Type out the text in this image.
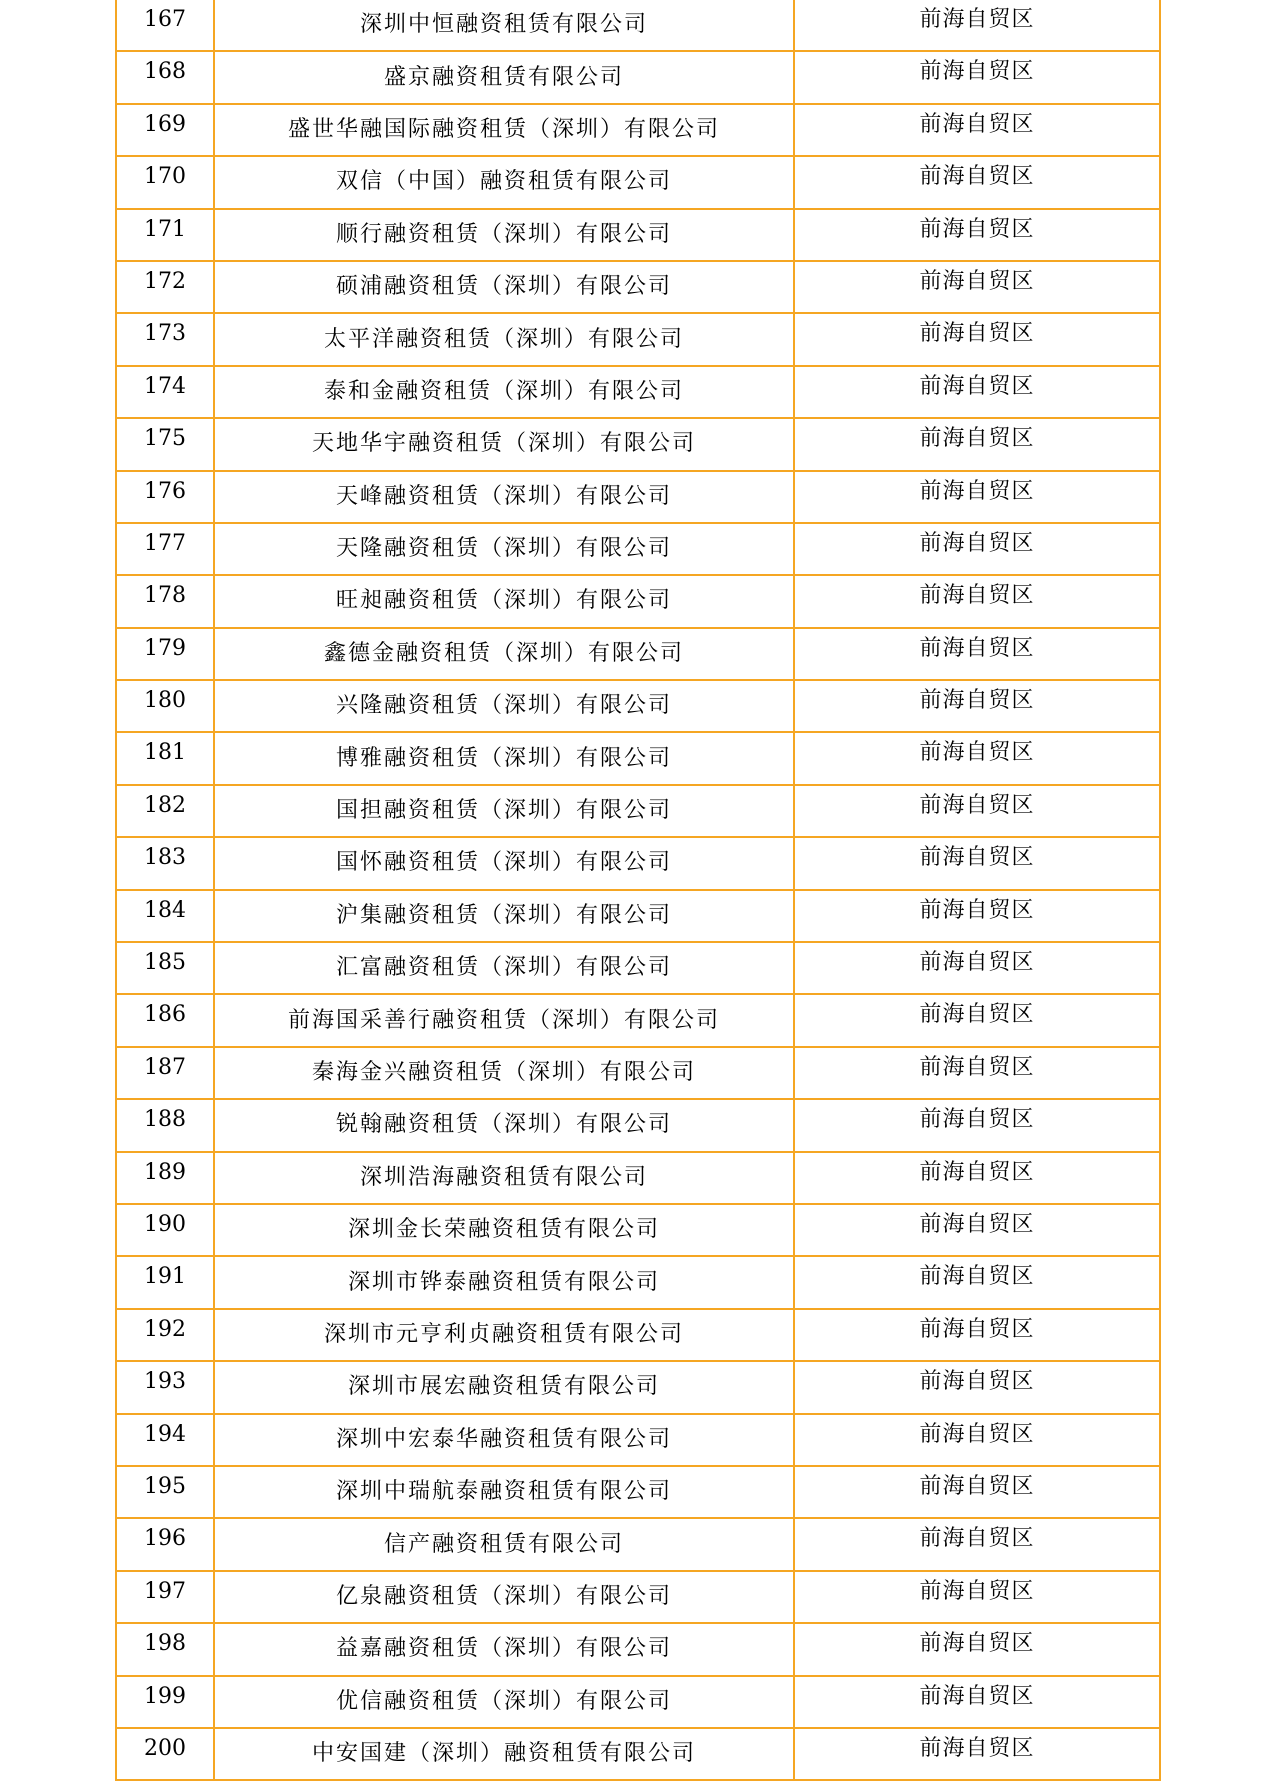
167	深圳中恒融资租赁有限公司	前海自贸区
168	盛京融资租赁有限公司	前海自贸区
169	盛世华融国际融资租赁（深圳）有限公司	前海自贸区
170	双信（中国）融资租赁有限公司	前海自贸区
171	顺行融资租赁（深圳）有限公司	前海自贸区
172	硕浦融资租赁（深圳）有限公司	前海自贸区
173	太平洋融资租赁（深圳）有限公司	前海自贸区
174	泰和金融资租赁（深圳）有限公司	前海自贸区
175	天地华宇融资租赁（深圳）有限公司	前海自贸区
176	天峰融资租赁（深圳）有限公司	前海自贸区
177	天隆融资租赁（深圳）有限公司	前海自贸区
178	旺昶融资租赁（深圳）有限公司	前海自贸区
179	鑫德金融资租赁（深圳）有限公司	前海自贸区
180	兴隆融资租赁（深圳）有限公司	前海自贸区
181	博雅融资租赁（深圳）有限公司	前海自贸区
182	国担融资租赁（深圳）有限公司	前海自贸区
183	国怀融资租赁（深圳）有限公司	前海自贸区
184	沪集融资租赁（深圳）有限公司	前海自贸区
185	汇富融资租赁（深圳）有限公司	前海自贸区
186	前海国采善行融资租赁（深圳）有限公司	前海自贸区
187	秦海金兴融资租赁（深圳）有限公司	前海自贸区
188	锐翰融资租赁（深圳）有限公司	前海自贸区
189	深圳浩海融资租赁有限公司	前海自贸区
190	深圳金长荣融资租赁有限公司	前海自贸区
191	深圳市铧泰融资租赁有限公司	前海自贸区
192	深圳市元亨利贞融资租赁有限公司	前海自贸区
193	深圳市展宏融资租赁有限公司	前海自贸区
194	深圳中宏泰华融资租赁有限公司	前海自贸区
195	深圳中瑞航泰融资租赁有限公司	前海自贸区
196	信产融资租赁有限公司	前海自贸区
197	亿泉融资租赁（深圳）有限公司	前海自贸区
198	益嘉融资租赁（深圳）有限公司	前海自贸区
199	优信融资租赁（深圳）有限公司	前海自贸区
200	中安国建（深圳）融资租赁有限公司	前海自贸区
